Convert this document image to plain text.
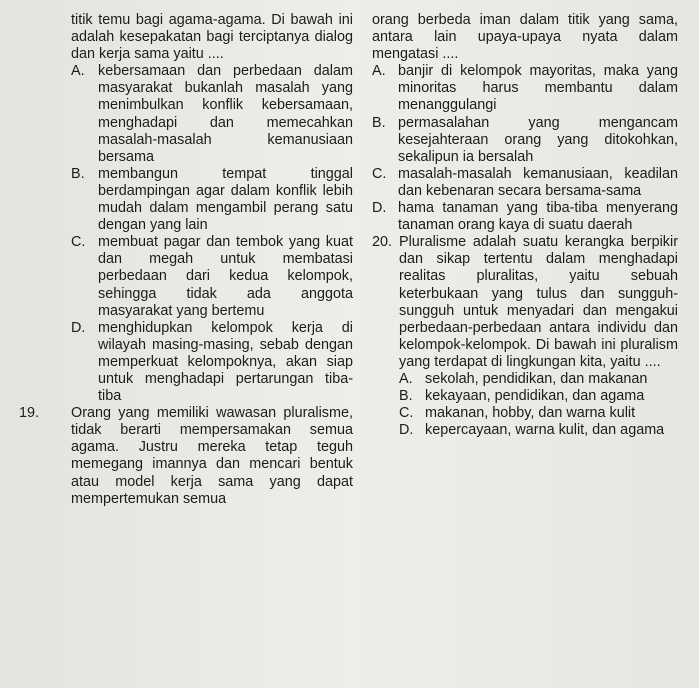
titik temu bagi agama-agama. Di bawah ini adalah kesepakatan bagi terciptanya dialog dan kerja sama yaitu ....

A. kebersamaan dan perbedaan dalam masyarakat bukanlah masalah yang menimbulkan konflik kebersamaan, menghadapi dan memecahkan masalah-masalah kemanusiaan bersama
B. membangun tempat tinggal berdampingan agar dalam konflik lebih mudah dalam mengambil perang satu dengan yang lain
C. membuat pagar dan tembok yang kuat dan megah untuk membatasi perbedaan dari kedua kelompok, sehingga tidak ada anggota masyarakat yang bertemu
D. menghidupkan kelompok kerja di wilayah masing-masing, sebab dengan memperkuat kelompoknya, akan siap untuk menghadapi pertarungan tiba-tiba
19. Orang yang memiliki wawasan pluralisme, tidak berarti mempersamakan semua agama. Justru mereka tetap teguh memegang imannya dan mencari bentuk atau model kerja sama yang dapat mempertemukan semua

orang berbeda iman dalam titik yang sama, antara lain upaya-upaya nyata dalam mengatasi ....

A. banjir di kelompok mayoritas, maka yang minoritas harus membantu dalam menanggulangi
B. permasalahan yang mengancam kesejahteraan orang yang ditokohkan, sekalipun ia bersalah
C. masalah-masalah kemanusiaan, keadilan dan kebenaran secara bersama-sama
D. hama tanaman yang tiba-tiba menyerang tanaman orang kaya di suatu daerah
20. Pluralisme adalah suatu kerangka berpikir dan sikap tertentu dalam menghadapi realitas pluralitas, yaitu sebuah keterbukaan yang tulus dan sungguh-sungguh untuk menyadari dan mengakui perbedaan-perbedaan antara individu dan kelompok-kelompok. Di bawah ini pluralism yang terdapat di lingkungan kita, yaitu ....
A. sekolah, pendidikan, dan makanan
B. kekayaan, pendidikan, dan agama
C. makanan, hobby, dan warna kulit
D. kepercayaan, warna kulit, dan agama
